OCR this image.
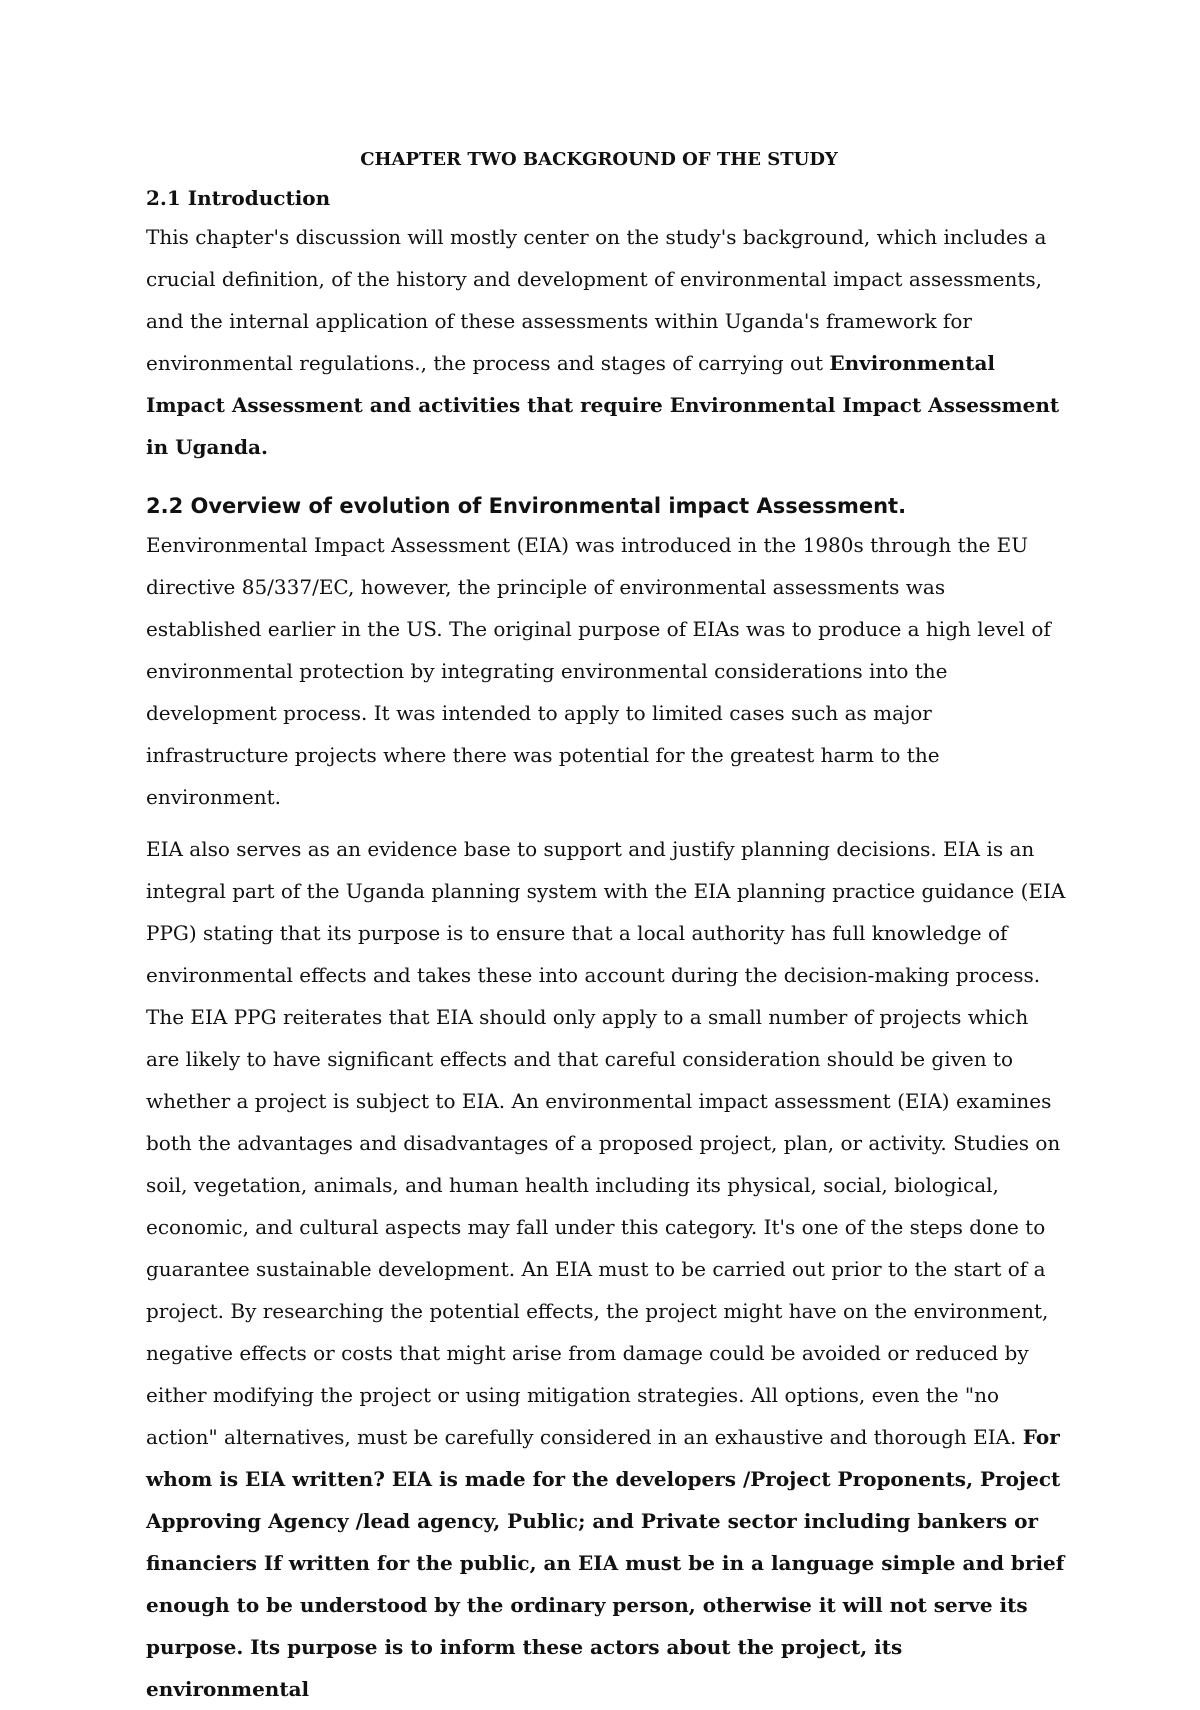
CHAPTER TWO BACKGROUND OF THE STUDY
2.1 Introduction

This chapter's discussion will mostly center on the study's background, which includes a crucial definition, of the history and development of environmental impact assessments, and the internal application of these assessments within Uganda's framework for environmental regulations., the process and stages of carrying out Environmental Impact Assessment and activities that require Environmental Impact Assessment in Uganda.

2.2 Overview of evolution of Environmental impact Assessment.

Eenvironmental Impact Assessment (EIA) was introduced in the 1980s through the EU directive 85/337/EC, however, the principle of environmental assessments was established earlier in the US. The original purpose of EIAs was to produce a high level of environmental protection by integrating environmental considerations into the development process. It was intended to apply to limited cases such as major infrastructure projects where there was potential for the greatest harm to the environment.

EIA also serves as an evidence base to support and justify planning decisions. EIA is an integral part of the Uganda planning system with the EIA planning practice guidance (EIA PPG) stating that its purpose is to ensure that a local authority has full knowledge of environmental effects and takes these into account during the decision-making process. The EIA PPG reiterates that EIA should only apply to a small number of projects which are likely to have significant effects and that careful consideration should be given to whether a project is subject to EIA. An environmental impact assessment (EIA) examines both the advantages and disadvantages of a proposed project, plan, or activity. Studies on soil, vegetation, animals, and human health including its physical, social, biological, economic, and cultural aspects may fall under this category. It's one of the steps done to guarantee sustainable development. An EIA must to be carried out prior to the start of a project. By researching the potential effects, the project might have on the environment, negative effects or costs that might arise from damage could be avoided or reduced by either modifying the project or using mitigation strategies. All options, even the "no action" alternatives, must be carefully considered in an exhaustive and thorough EIA. For whom is EIA written? EIA is made for the developers /Project Proponents, Project Approving Agency /lead agency, Public; and Private sector including bankers or financiers If written for the public, an EIA must be in a language simple and brief enough to be understood by the ordinary person, otherwise it will not serve its purpose. Its purpose is to inform these actors about the project, its environmental
